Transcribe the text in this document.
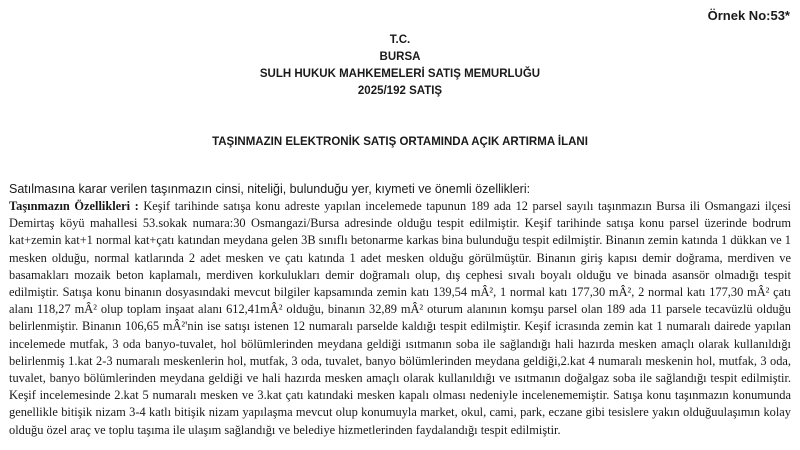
Örnek No:53*
T.C.
BURSA
SULH HUKUK MAHKEMELERİ SATIŞ MEMURLUĞU
2025/192 SATIŞ
TAŞINMAZIN ELEKTRONİK SATIŞ ORTAMINDA AÇIK ARTIRMA İLANI
Satılmasına karar verilen taşınmazın cinsi, niteliği, bulunduğu yer, kıymeti ve önemli özellikleri:
Taşınmazın Özellikleri : Keşif tarihinde satışa konu adreste yapılan incelemede tapunun 189 ada 12 parsel sayılı taşınmazın Bursa ili Osmangazi ilçesi Demirtaş köyü mahallesi 53.sokak numara:30 Osmangazi/Bursa adresinde olduğu tespit edilmiştir. Keşif tarihinde satışa konu parsel üzerinde bodrum kat+zemin kat+1 normal kat+çatı katından meydana gelen 3B sınıflı betonarme karkas bina bulunduğu tespit edilmiştir. Binanın zemin katında 1 dükkan ve 1 mesken olduğu, normal katlarında 2 adet mesken ve çatı katında 1 adet mesken olduğu görülmüştür. Binanın giriş kapısı demir doğrama, merdiven ve basamakları mozaik beton kaplamalı, merdiven korkulukları demir doğramalı olup, dış cephesi sıvalı boyalı olduğu ve binada asansör olmadığı tespit edilmiştir. Satışa konu binanın dosyasındaki mevcut bilgiler kapsamında zemin katı 139,54 mÂ², 1 normal katı 177,30 mÂ², 2 normal katı 177,30 mÂ² çatı alanı 118,27 mÂ² olup toplam inşaat alanı 612,41mÂ² olduğu, binanın 32,89 mÂ² oturum alanının komşu parsel olan 189 ada 11 parsele tecavüzlü olduğu belirlenmiştir. Binanın 106,65 mÂ²'nin ise satışı istenen 12 numaralı parselde kaldığı tespit edilmiştir. Keşif icrasında zemin kat 1 numaralı dairede yapılan incelemede mutfak, 3 oda banyo-tuvalet, hol bölümlerinden meydana geldiği ısıtmanın soba ile sağlandığı hali hazırda mesken amaçlı olarak kullanıldığı belirlenmiş 1.kat 2-3 numaralı meskenlerin hol, mutfak, 3 oda, tuvalet, banyo bölümlerinden meydana geldiği,2.kat 4 numaralı meskenin hol, mutfak, 3 oda, tuvalet, banyo bölümlerinden meydana geldiği ve hali hazırda mesken amaçlı olarak kullanıldığı ve ısıtmanın doğalgaz soba ile sağlandığı tespit edilmiştir. Keşif incelemesinde 2.kat 5 numaralı mesken ve 3.kat çatı katındaki mesken kapalı olması nedeniyle incelenememiştir. Satışa konu taşınmazın konumunda genellikle bitişik nizam 3-4 katlı bitişik nizam yapılaşma mevcut olup konumuyla market, okul, cami, park, eczane gibi tesislere yakın olduğuulaşımın kolay olduğu özel araç ve toplu taşıma ile ulaşım sağlandığı ve belediye hizmetlerinden faydalandığı tespit edilmiştir.
